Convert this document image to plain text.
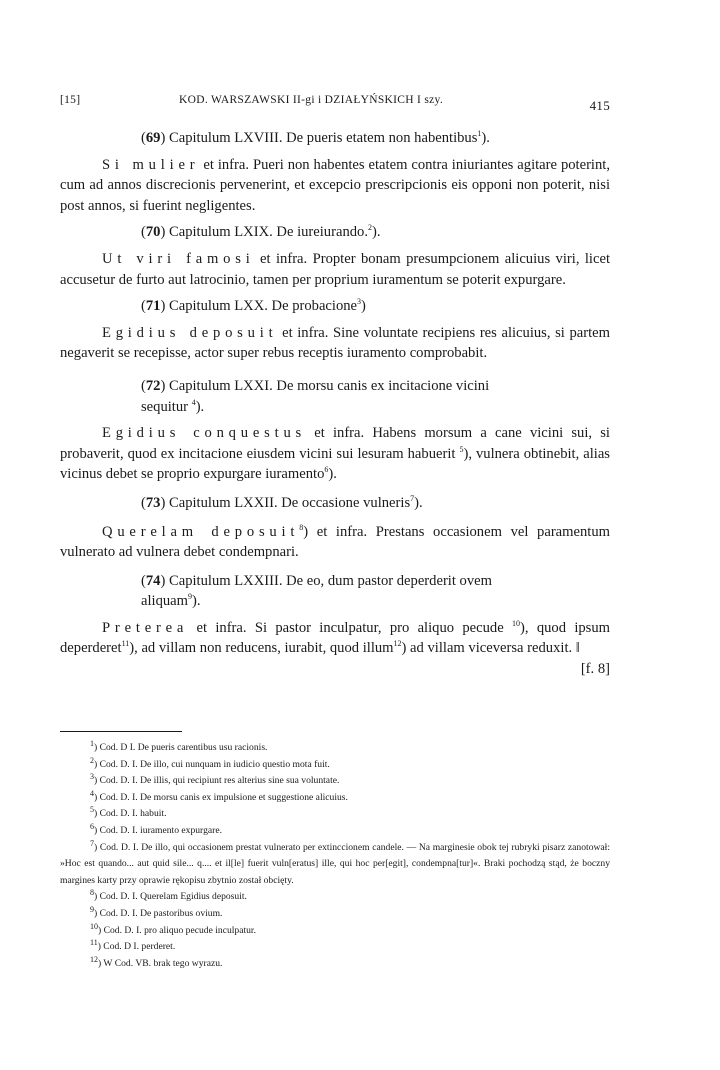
[15]	KOD. WARSZAWSKI II-gi i DZIAŁYŃSKICH I szy.	415

(69) Capitulum LXVIII. De pueris etatem non habentibus$^1$).

Si mulier et infra. Pueri non habentes etatem contra iniuriantes agitare poterint, cum ad annos discrecionis pervenerint, et excepcio prescripcionis eis opponi non poterit, nisi post annos, si fuerint negligentes.

(70) Capitulum LXIX. De iureiurando.$^2$).

Ut viri famosi et infra. Propter bonam presumpcionem alicuius viri, licet accusetur de furto aut latrocinio, tamen per proprium iuramentum se poterit expurgare.

(71) Capitulum LXX. De probacione$^3$)

Egidius deposuit et infra. Sine voluntate recipiens res alicuius, si partem negaverit se recepisse, actor super rebus receptis iuramento comprobabit.

(72) Capitulum LXXI. De morsu canis ex incitacione vicini
sequitur $^4$).

Egidius conquestus et infra. Habens morsum a cane vicini sui, si probaverit, quod ex incitacione eiusdem vicini sui lesuram habuerit $^5$), vulnera obtinebit, alias vicinus debet se proprio expurgare iuramento$^6$).

(73) Capitulum LXXII. De occasione vulneris$^7$).

Querelam deposuit$^8$) et infra. Prestans occasionem vel paramentum vulnerato ad vulnera debet condempnari.

(74) Capitulum LXXIII. De eo, dum pastor deperderit ovem
aliquam$^9$).

Preterea et infra. Si pastor inculpatur, pro aliquo pecude $^{10}$), quod ipsum deperderet$^{11}$), ad villam non reducens, iurabit, quod illum$^{12}$) ad villam viceversa reduxit. ‖
[f. 8]

$^1$) Cod. D I. De pueris carentibus usu racionis.

$^2$) Cod. D. I. De illo, cui nunquam in iudicio questio mota fuit.

$^3$) Cod. D. I. De illis, qui recipiunt res alterius sine sua voluntate.

$^4$) Cod. D. I. De morsu canis ex impulsione et suggestione alicuius.

$^5$) Cod. D. I. habuit.

$^6$) Cod. D. I. iuramento expurgare.

$^7$) Cod. D. I. De illo, qui occasionem prestat vulnerato per extinccionem candele. — Na marginesie obok tej rubryki pisarz zanotował: »Hoc est quando... aut quid sile... q.... et il[le] fuerit vuln[eratus] ille, qui hoc per[egit], condempna[tur]«. Braki pochodzą stąd, że boczny margines karty przy oprawie rękopisu zbytnio został obcięty.

$^8$) Cod. D. I. Querelam Egidius deposuit.

$^9$) Cod. D. I. De pastoribus ovium.

$^{10}$) Cod. D. I. pro aliquo pecude inculpatur.

$^{11}$) Cod. D I. perderet.

$^{12}$) W Cod. VB. brak tego wyrazu.
